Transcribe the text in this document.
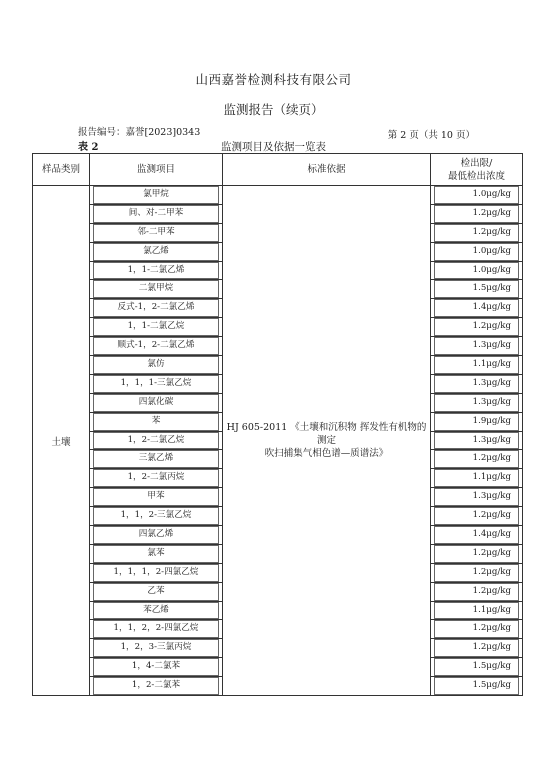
山西嘉誉检测科技有限公司
监测报告（续页）
报告编号：嘉誉[2023]0343	第 2 页（共 10 页）
表 2	监测项目及依据一览表
样品类别	监测项目	标准依据	检出限/
最低检出浓度

土壤	氯甲烷	HJ 605-2011 《土壤和沉积物 挥发性有机物的测定
吹扫捕集气相色谱—质谱法》	1.0μg/kg

	间、对-二甲苯		1.2μg/kg

	邻-二甲苯		1.2μg/kg

	氯乙烯		1.0μg/kg

	1，1-二氯乙烯		1.0μg/kg

	二氯甲烷		1.5μg/kg

	反式-1，2-二氯乙烯		1.4μg/kg

	1，1-二氯乙烷		1.2μg/kg

	顺式-1，2-二氯乙烯		1.3μg/kg

	氯仿		1.1μg/kg

	1，1，1-三氯乙烷		1.3μg/kg

	四氯化碳		1.3μg/kg

	苯		1.9μg/kg

	1，2-二氯乙烷		1.3μg/kg

	三氯乙烯		1.2μg/kg

	1，2-二氯丙烷		1.1μg/kg

	甲苯		1.3μg/kg

	1，1，2-三氯乙烷		1.2μg/kg

	四氯乙烯		1.4μg/kg

	氯苯		1.2μg/kg

	1，1，1，2-四氯乙烷		1.2μg/kg

	乙苯		1.2μg/kg

	苯乙烯		1.1μg/kg

	1，1，2，2-四氯乙烷		1.2μg/kg

	1，2，3-三氯丙烷		1.2μg/kg

	1，4-二氯苯		1.5μg/kg

	1，2-二氯苯		1.5μg/kg
